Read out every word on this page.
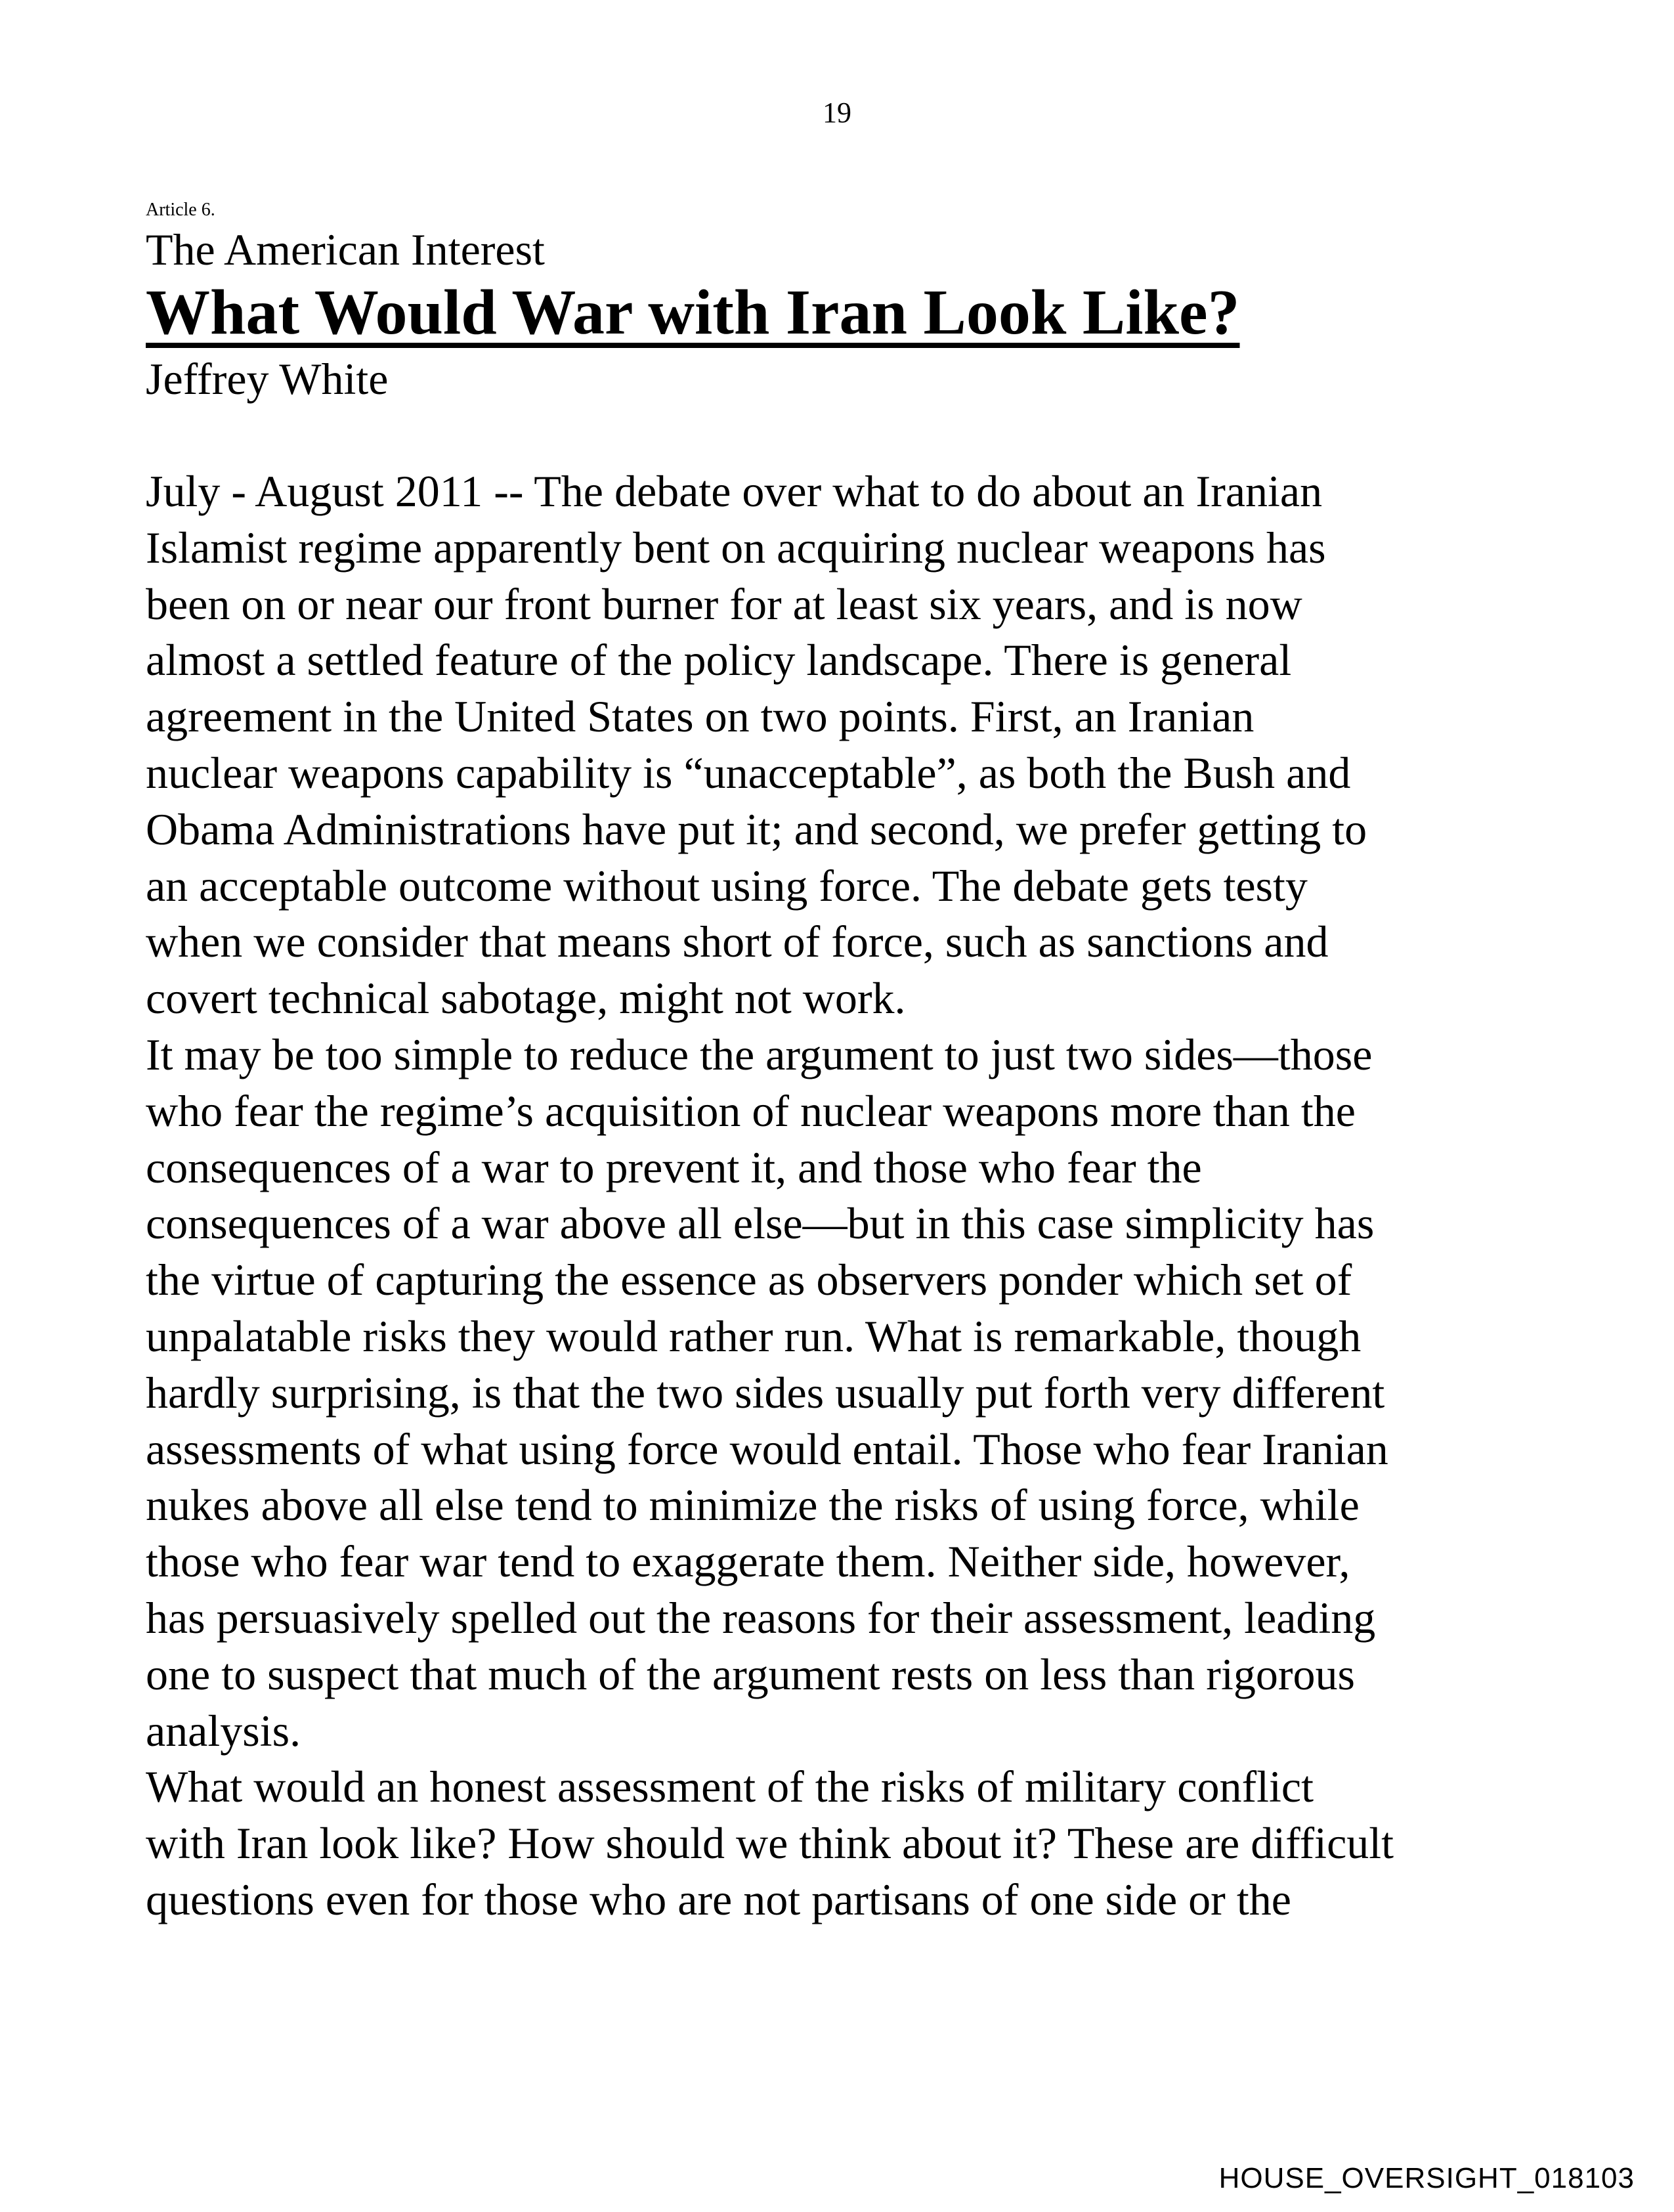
19
Article 6.
The American Interest
What Would War with Iran Look Like?
Jeffrey White

July - August 2011 -- The debate over what to do about an Iranian
Islamist regime apparently bent on acquiring nuclear weapons has
been on or near our front burner for at least six years, and is now
almost a settled feature of the policy landscape. There is general
agreement in the United States on two points. First, an Iranian
nuclear weapons capability is “unacceptable”, as both the Bush and
Obama Administrations have put it; and second, we prefer getting to
an acceptable outcome without using force. The debate gets testy
when we consider that means short of force, such as sanctions and
covert technical sabotage, might not work.

It may be too simple to reduce the argument to just two sides—those
who fear the regime’s acquisition of nuclear weapons more than the
consequences of a war to prevent it, and those who fear the
consequences of a war above all else—but in this case simplicity has
the virtue of capturing the essence as observers ponder which set of
unpalatable risks they would rather run. What is remarkable, though
hardly surprising, is that the two sides usually put forth very different
assessments of what using force would entail. Those who fear Iranian
nukes above all else tend to minimize the risks of using force, while
those who fear war tend to exaggerate them. Neither side, however,
has persuasively spelled out the reasons for their assessment, leading
one to suspect that much of the argument rests on less than rigorous
analysis.

What would an honest assessment of the risks of military conflict
with Iran look like? How should we think about it? These are difficult
questions even for those who are not partisans of one side or the

HOUSE_OVERSIGHT_018103
